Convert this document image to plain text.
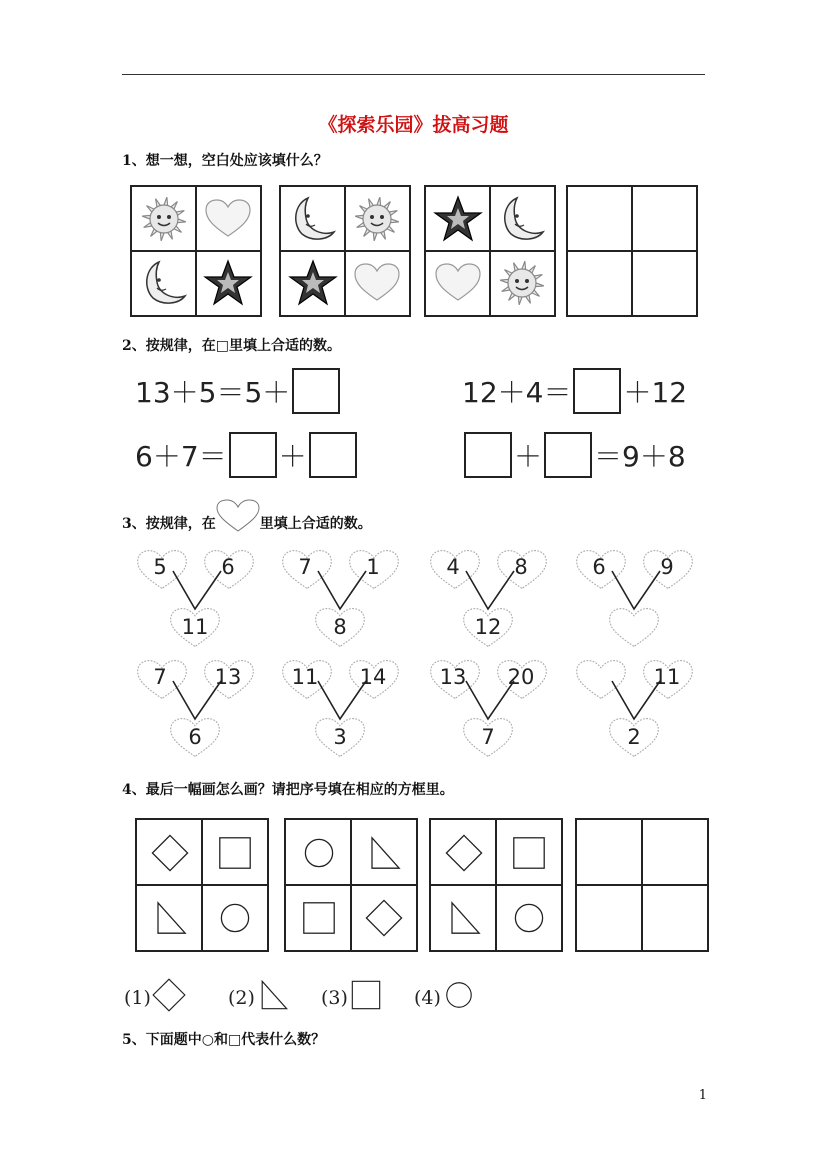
《探索乐园》拔高习题
1、想一想，空白处应该填什么？
2、按规律，在□里填上合适的数。
13＋5＝5＋	12＋4＝ ＋12
6＋7＝ ＋	＋ ＝9＋8
3、按规律，在	里填上合适的数。
5	6
11
7	1
8
4	8
12
6	9
7	13
6
11	14
3
13	20
7
11
2
4、最后一幅画怎么画？请把序号填在相应的方框里。
(1)	(2)	(3)	(4)
5、下面题中○和□代表什么数？
1
